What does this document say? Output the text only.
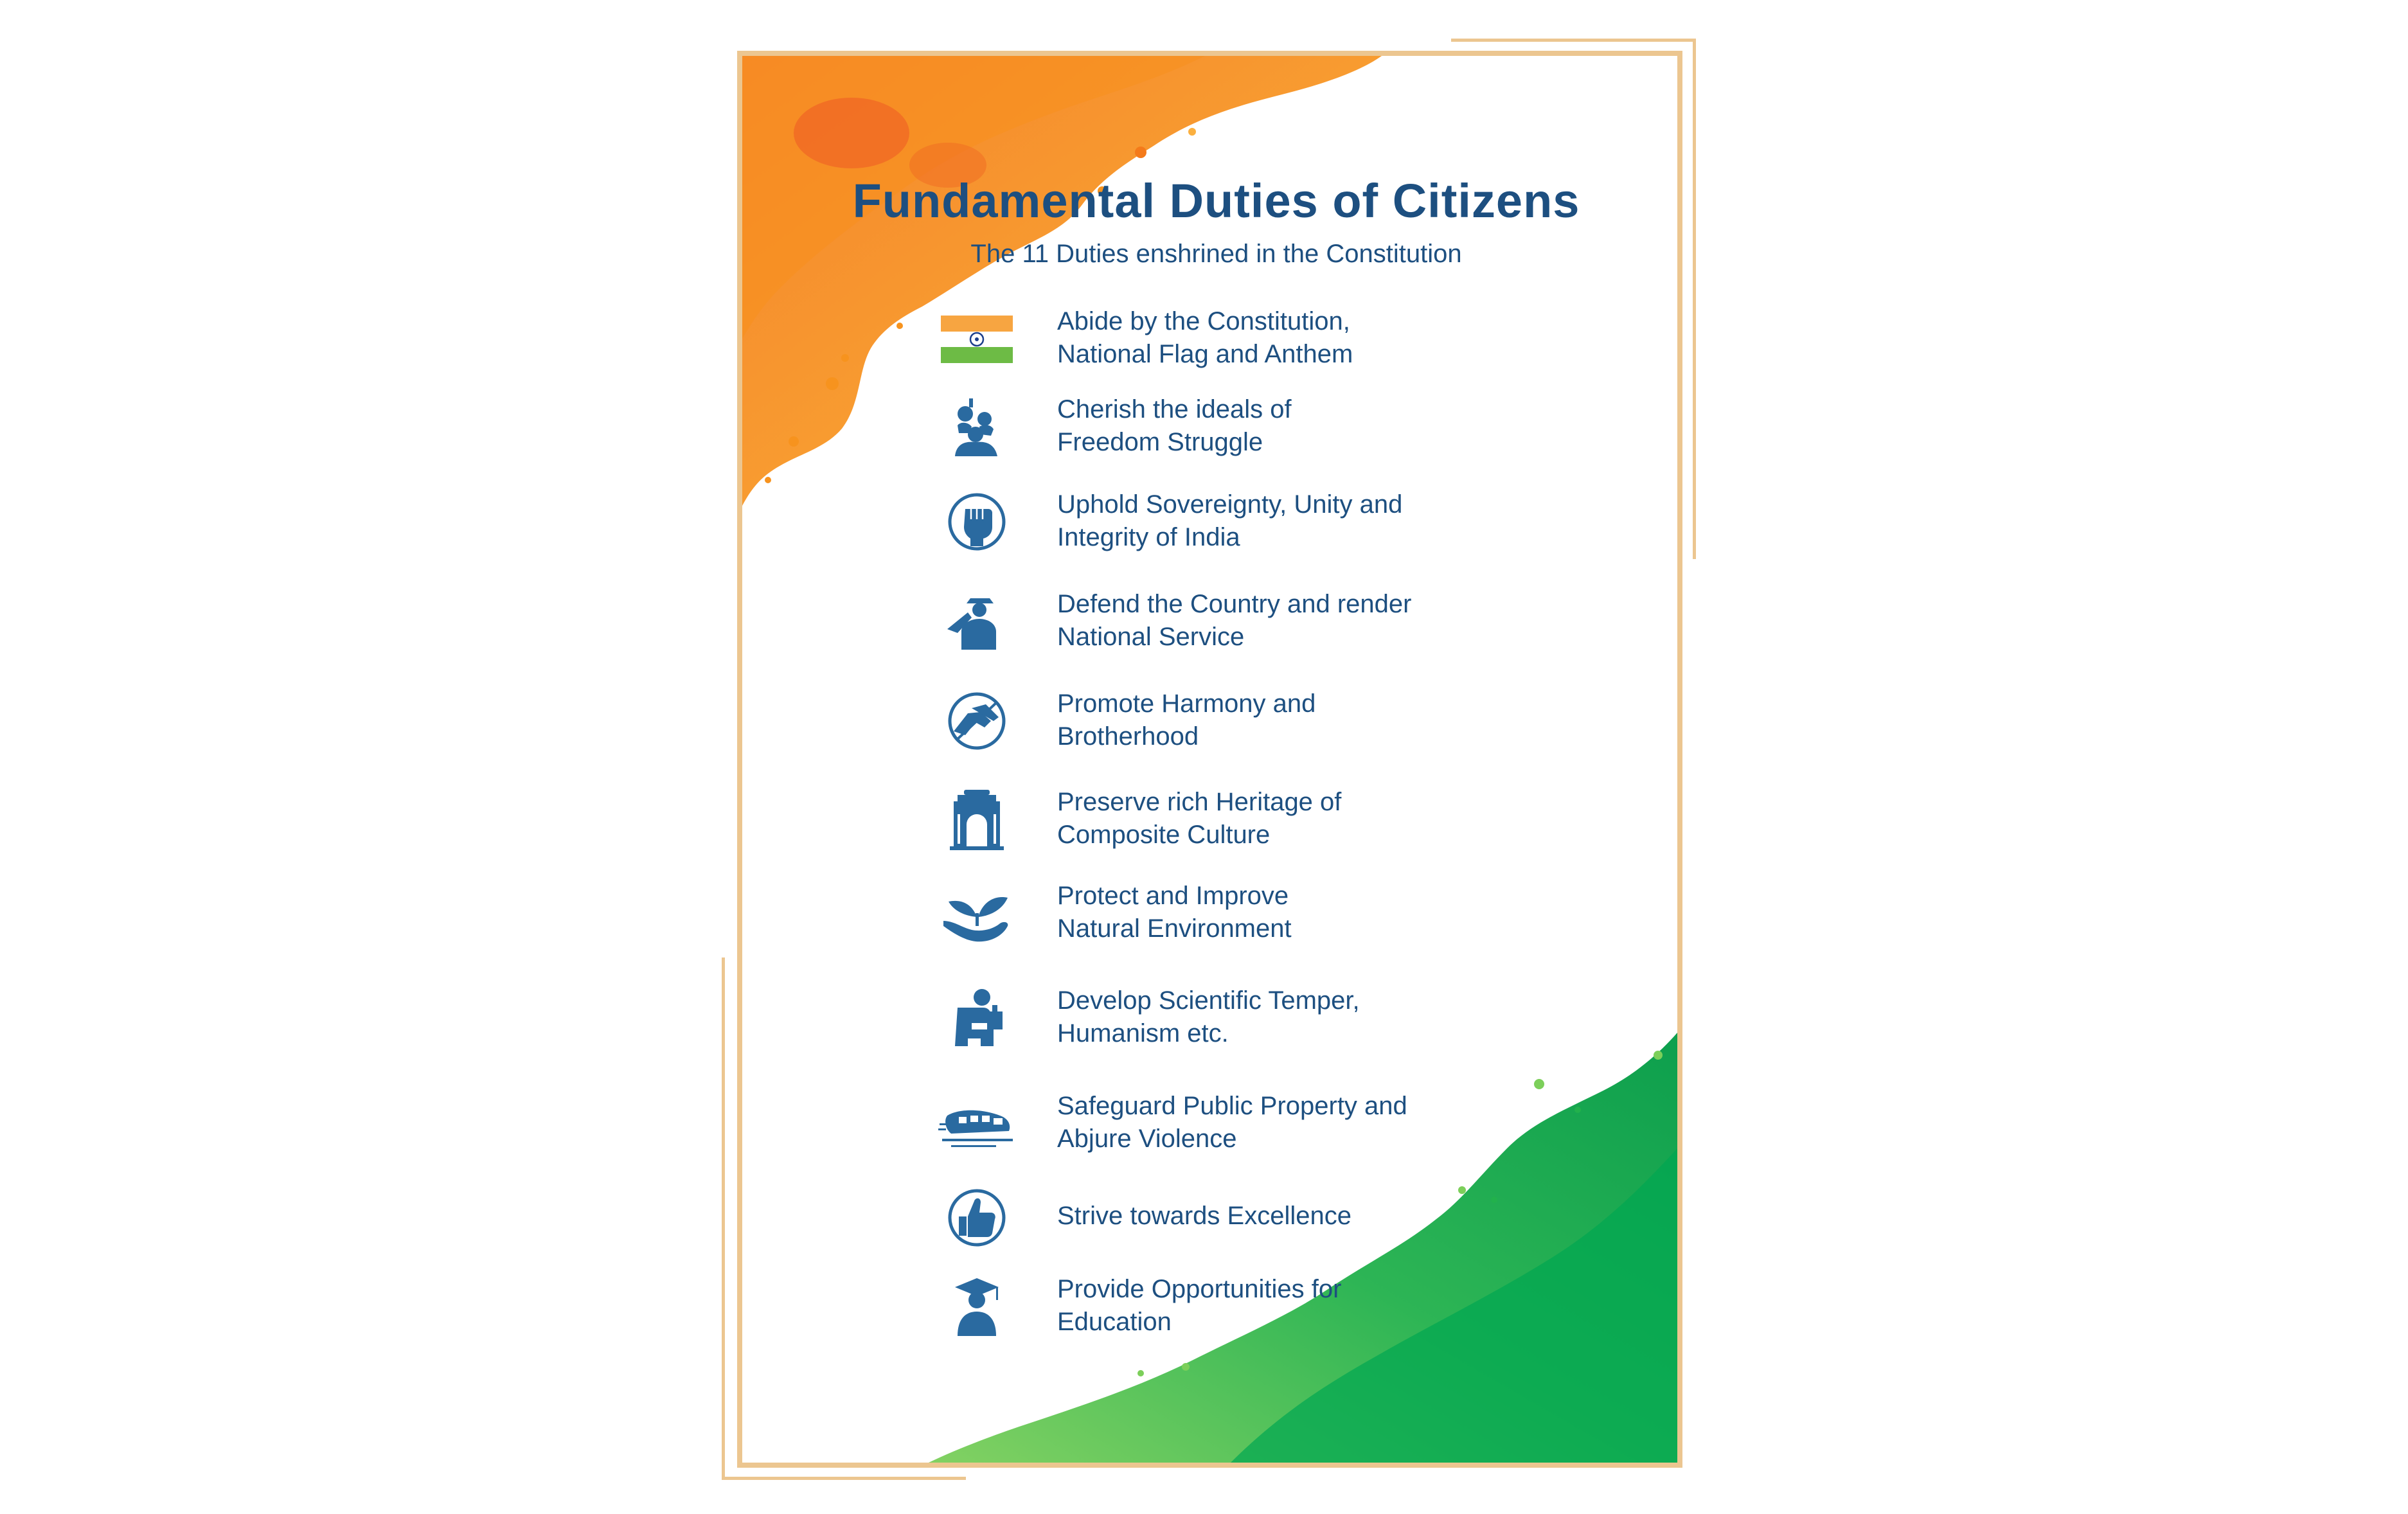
Fundamental Duties of Citizens
The 11 Duties enshrined in the Constitution
Abide by the Constitution,
National Flag and Anthem
Cherish the ideals of
Freedom Struggle
Uphold Sovereignty, Unity and
Integrity of India
Defend the Country and render
National Service
Promote Harmony and
Brotherhood
Preserve rich Heritage of
Composite Culture
Protect and Improve
Natural Environment
Develop Scientific Temper,
Humanism etc.
Safeguard Public Property and
Abjure Violence
Strive towards Excellence
Provide Opportunities for
Education
